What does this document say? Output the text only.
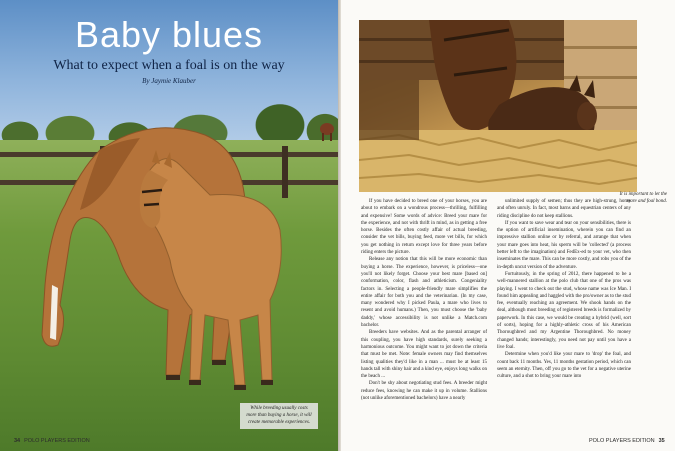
Baby blues
What to expect when a foal is on the way
By Jaymie Klauber
While breeding usually costs more than buying a horse, it will create memorable experiences.
34 POLO PLAYERS EDITION
It is important to let the mare and foal bond.

If you have decided to breed one of your horses, you are about to embark on a wondrous process—thrilling, fulfilling and expensive! Some words of advice: Breed your mare for the experience, and not with thrift in mind, as in getting a free horse. Besides the often costly affair of actual breeding, consider the vet bills, buying feed, more vet bills, for which you get nothing in return except love for three years before riding enters the picture.

Release any notion that this will be more economic than buying a horse. The experience, however, is priceless—one you'll not likely forget. Choose your best mare [based on] conformation, color, flash and athleticism. Congeniality factors in. Selecting a people-friendly mare simplifies the entire affair for both you and the veterinarian. (In my case, many wondered why I picked Paula, a mare who lives to resent and avoid humans.) Then, you must choose the 'baby daddy,' whose accessibility is not unlike a Match.com bachelor.

Breeders have websites. And as the parental arranger of this coupling, you have high standards, surely seeking a harmonious outcome. You might want to jot down the criteria that must be met. Note: female owners may find themselves listing qualities they'd like in a man ... must be at least 15 hands tall with shiny hair and a kind eye, enjoys long walks on the beach ...

Don't be shy about negotiating stud fees. A breeder might reduce fees, knowing he can make it up in volume. Stallions (not unlike aforementioned bachelors) have a nearly

unlimited supply of semen; thus they are high-strung, horny and often unruly. In fact, most barns and equestrian centers of any riding discipline do not keep stallions.

If you want to save wear and tear on your sensibilities, there is the option of artificial insemination, wherein you can find an impressive stallion online or by referral, and arrange that when your mare goes into heat, his sperm will be 'collected' (a process better left to the imagination) and FedEx-ed to your vet, who then inseminates the mare. This can be more costly, and robs you of the in-depth uncut version of the adventure.

Fortuitously, in the spring of 2012, there happened to be a well-mannered stallion at the polo club that one of the pros was playing. I went to check out the stud, whose name was Ice Man. I found him appealing and haggled with the pro/owner as to the stud fee, eventually reaching an agreement. We shook hands on the deal, although most breeding of registered breeds is formalized by paperwork. In this case, we would be creating a hybrid (well, sort of sorts), hoping for a highly-athletic cross of his American Thoroughbred and my Argentine Thoroughbred. No money changed hands; interestingly, you need not pay until you have a live foal.

Determine when you'd like your mare to 'drop' the foal, and count back 11 months. Yes, 11 months gestation period, which can seem an eternity. Then, off you go to the vet for a negative uterine culture, and a shot to bring your mare into

POLO PLAYERS EDITION 35
